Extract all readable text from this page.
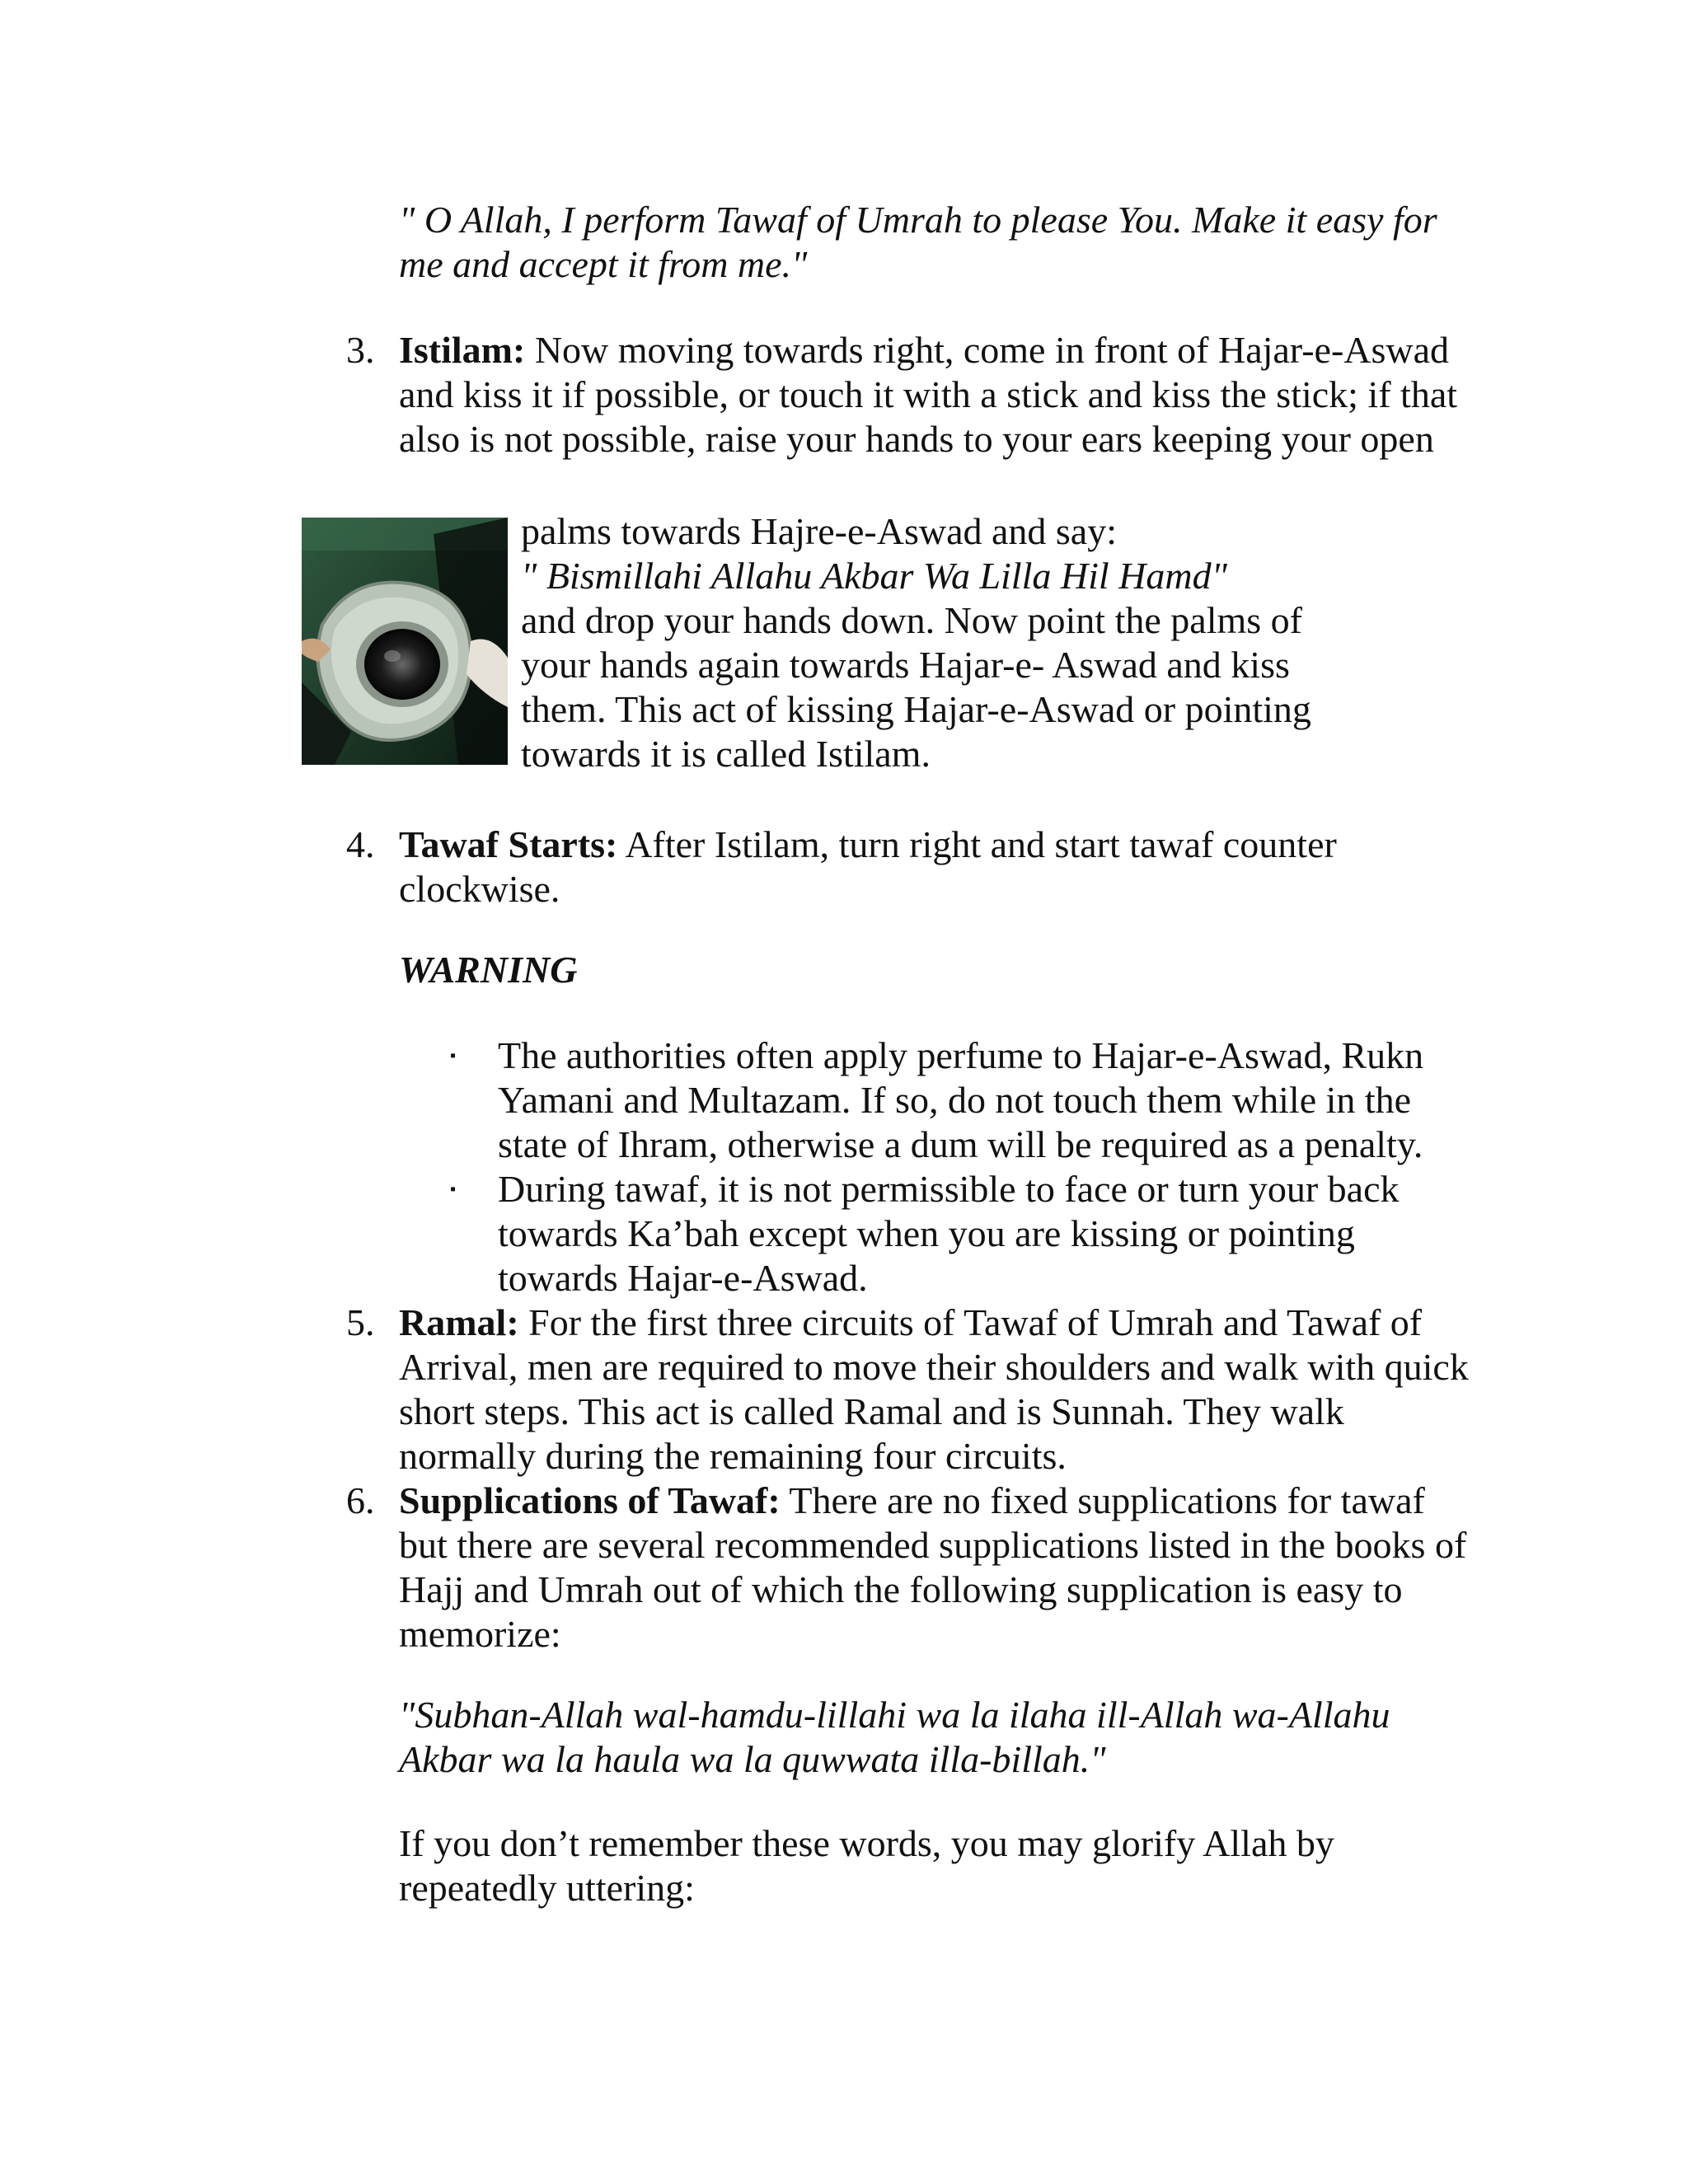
" O Allah, I perform Tawaf of Umrah to please You. Make it easy for

me and accept it from me."

3. Istilam: Now moving towards right, come in front of Hajar-e-Aswad

and kiss it if possible, or touch it with a stick and kiss the stick; if that

also is not possible, raise your hands to your ears keeping your open

palms towards Hajre-e-Aswad and say:

" Bismillahi Allahu Akbar Wa Lilla Hil Hamd"

and drop your hands down. Now point the palms of

your hands again towards Hajar-e- Aswad and kiss

them. This act of kissing Hajar-e-Aswad or pointing

towards it is called Istilam.

4. Tawaf Starts: After Istilam, turn right and start tawaf counter

clockwise.

WARNING

▪ The authorities often apply perfume to Hajar-e-Aswad, Rukn

Yamani and Multazam. If so, do not touch them while in the

state of Ihram, otherwise a dum will be required as a penalty.

▪ During tawaf, it is not permissible to face or turn your back

towards Ka’bah except when you are kissing or pointing

towards Hajar-e-Aswad.

5. Ramal: For the first three circuits of Tawaf of Umrah and Tawaf of

Arrival, men are required to move their shoulders and walk with quick

short steps. This act is called Ramal and is Sunnah. They walk

normally during the remaining four circuits.

6. Supplications of Tawaf: There are no fixed supplications for tawaf

but there are several recommended supplications listed in the books of

Hajj and Umrah out of which the following supplication is easy to

memorize:

"Subhan-Allah wal-hamdu-lillahi wa la ilaha ill-Allah wa-Allahu

Akbar wa la haula wa la quwwata illa-billah."

If you don’t remember these words, you may glorify Allah by

repeatedly uttering:
